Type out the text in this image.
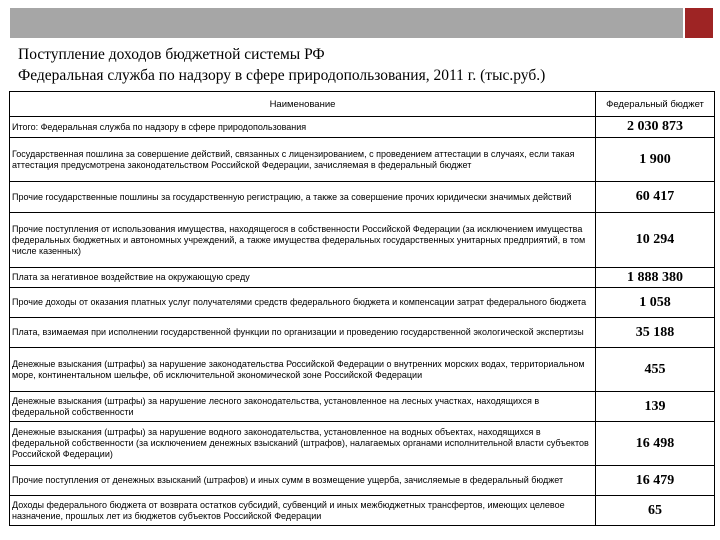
Поступление доходов бюджетной системы РФ
Федеральная служба по надзору в сфере природопользования, 2011 г. (тыс.руб.)
Наименование	Федеральный бюджет
Итого: Федеральная служба по надзору в сфере природопользования	2 030 873
Государственная пошлина за совершение действий, связанных с лицензированием, с проведением аттестации в случаях, если такая аттестация предусмотрена законодательством Российской Федерации, зачисляемая в федеральный бюджет	1 900
Прочие государственные пошлины за государственную регистрацию, а также за совершение прочих юридически значимых действий	60 417
Прочие поступления от использования имущества, находящегося в собственности Российской Федерации (за исключением имущества федеральных бюджетных и автономных учреждений, а также имущества федеральных государственных унитарных предприятий, в том числе казенных)	10 294
Плата за негативное воздействие на окружающую среду	1 888 380
Прочие доходы от оказания платных услуг получателями средств федерального бюджета и компенсации затрат федерального бюджета	1 058
Плата, взимаемая при исполнении государственной функции по организации и проведению государственной экологической экспертизы	35 188
Денежные взыскания (штрафы) за нарушение законодательства Российской Федерации о внутренних морских водах, территориальном море, континентальном шельфе, об исключительной экономической зоне Российской Федерации	455
Денежные взыскания (штрафы) за нарушение лесного законодательства, установленное на лесных участках, находящихся в федеральной собственности	139
Денежные взыскания (штрафы) за нарушение водного законодательства, установленное на водных объектах, находящихся в федеральной собственности (за исключением денежных взысканий (штрафов), налагаемых органами исполнительной власти субъектов Российской Федерации)	16 498
Прочие поступления от денежных взысканий (штрафов) и иных сумм в возмещение ущерба, зачисляемые в федеральный бюджет	16 479
Доходы федерального бюджета от возврата остатков субсидий, субвенций и иных межбюджетных трансфертов, имеющих целевое назначение, прошлых лет из бюджетов субъектов Российской Федерации	65
